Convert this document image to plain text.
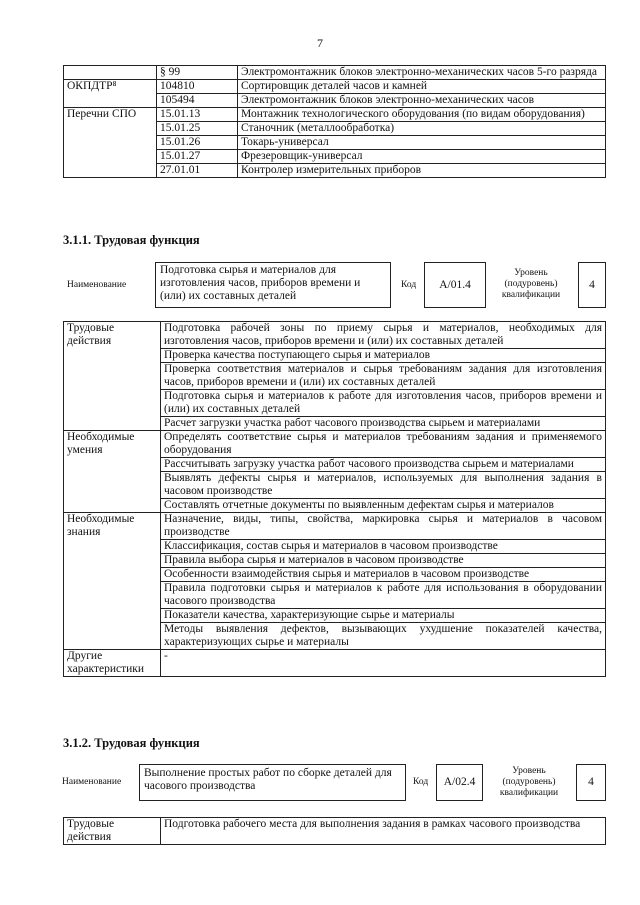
7
	§ 99	Электромонтажник блоков электронно-механических часов 5-го разряда
ОКПДТР⁸	104810	Сортировщик деталей часов и камней
	105494	Электромонтажник блоков электронно-механических часов
Перечни СПО	15.01.13	Монтажник технологического оборудования (по видам оборудования)
	15.01.25	Станочник (металлообработка)
	15.01.26	Токарь-универсал
	15.01.27	Фрезеровщик-универсал
	27.01.01	Контролер измерительных приборов
3.1.1. Трудовая функция
Наименование
Подготовка сырья и материалов для изготовления часов, приборов времени и (или) их составных деталей
Код А/01.4
Уровень (подуровень) квалификации
4
Трудовые действия	Подготовка рабочей зоны по приему сырья и материалов, необходимых для изготовления часов, приборов времени и (или) их составных деталей
	Проверка качества поступающего сырья и материалов
	Проверка соответствия материалов и сырья требованиям задания для изготовления часов, приборов времени и (или) их составных деталей
	Подготовка сырья и материалов к работе для изготовления часов, приборов времени и (или) их составных деталей
	Расчет загрузки участка работ часового производства сырьем и материалами
Необходимые умения	Определять соответствие сырья и материалов требованиям задания и применяемого оборудования
	Рассчитывать загрузку участка работ часового производства сырьем и материалами
	Выявлять дефекты сырья и материалов, используемых для выполнения задания в часовом производстве
	Составлять отчетные документы по выявленным дефектам сырья и материалов
Необходимые знания	Назначение, виды, типы, свойства, маркировка сырья и материалов в часовом производстве
	Классификация, состав сырья и материалов в часовом производстве
	Правила выбора сырья и материалов в часовом производстве
	Особенности взаимодействия сырья и материалов в часовом производстве
	Правила подготовки сырья и материалов к работе для использования в оборудовании часового производства
	Показатели качества, характеризующие сырье и материалы
	Методы выявления дефектов, вызывающих ухудшение показателей качества, характеризующих сырье и материалы
Другие характеристики	-
3.1.2. Трудовая функция
Наименование
Выполнение простых работ по сборке деталей для часового производства	Код А/02.4
Уровень (подуровень) квалификации
4
Трудовые действия	Подготовка рабочего места для выполнения задания в рамках часового производства
